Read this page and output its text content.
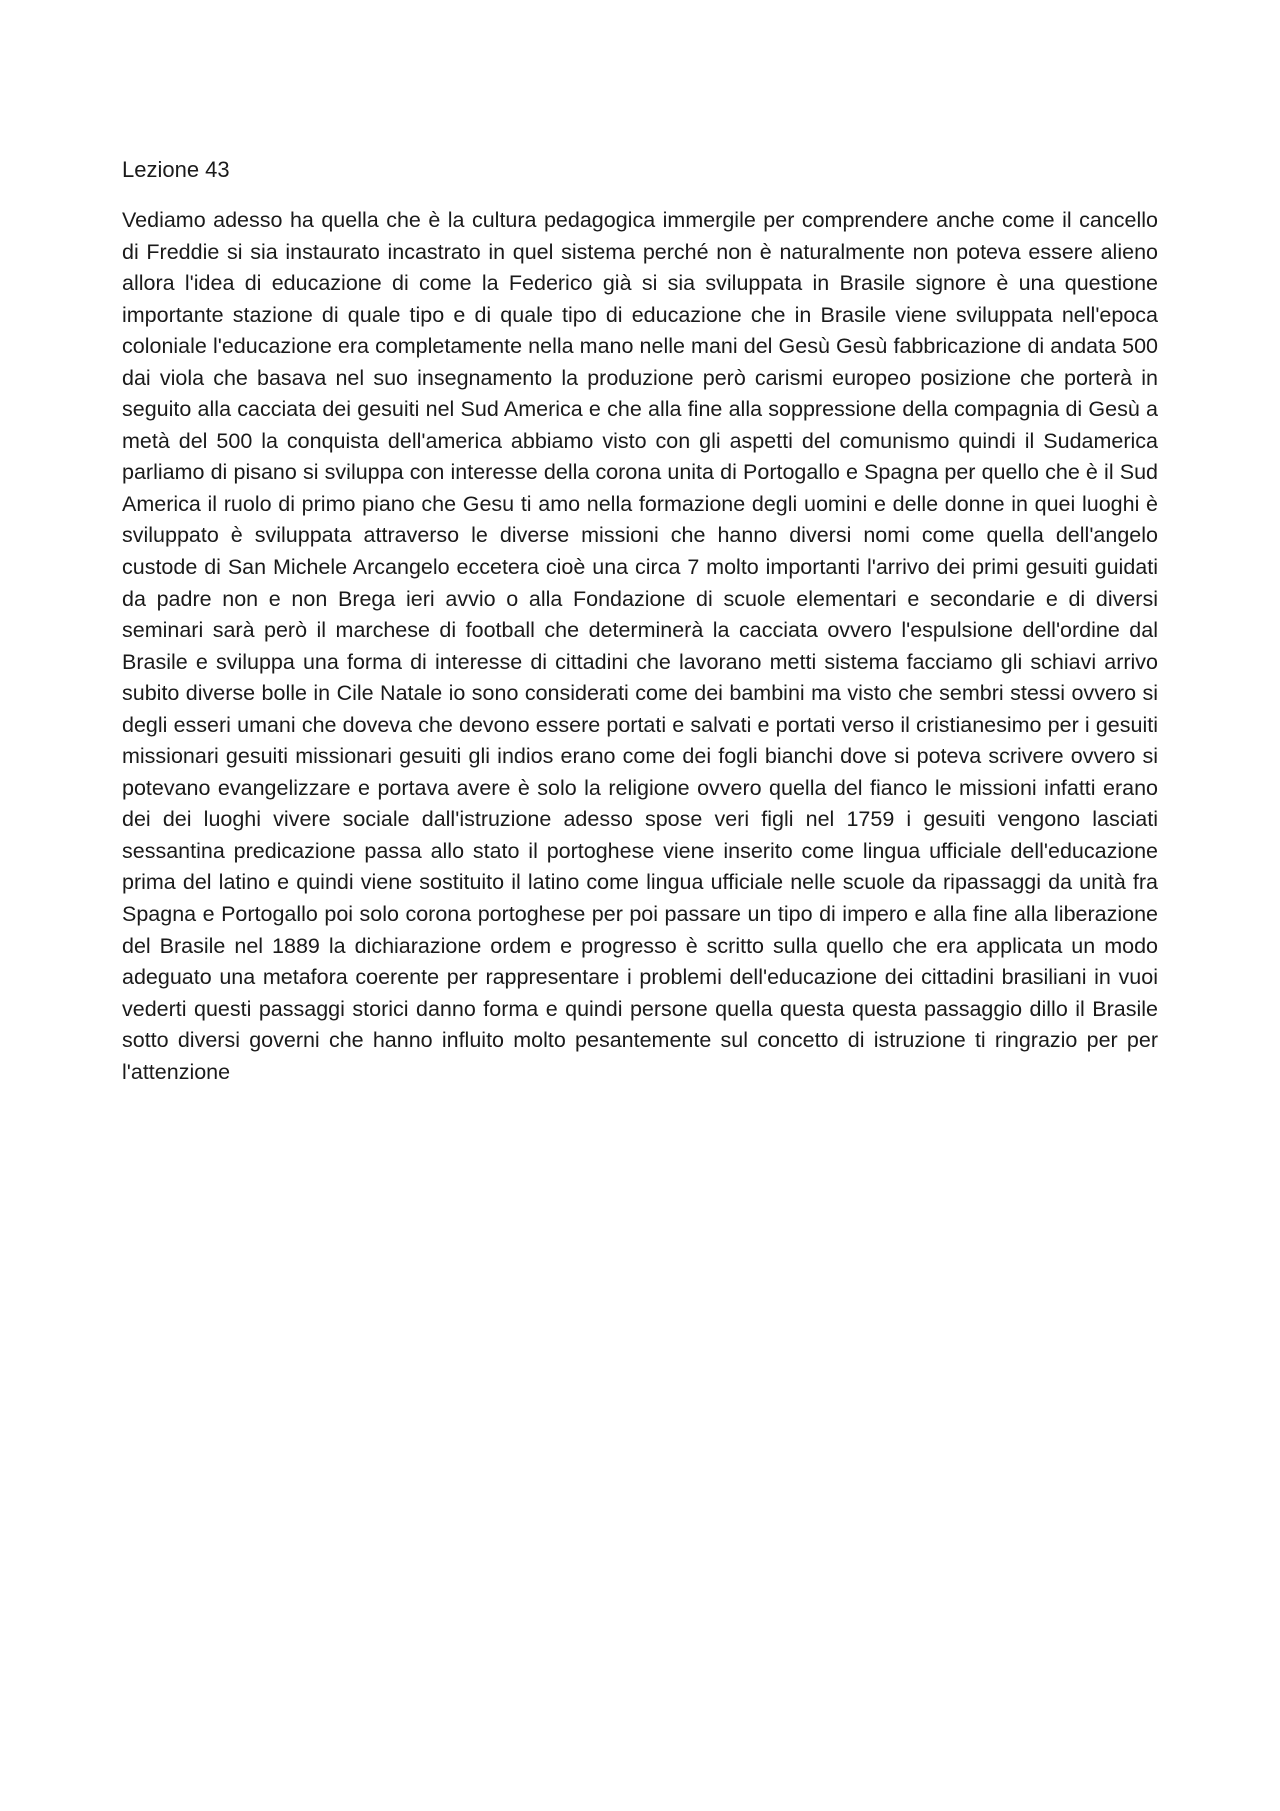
Lezione 43

Vediamo adesso ha quella che è la cultura pedagogica immergile per comprendere anche come il cancello di Freddie si sia instaurato incastrato in quel sistema perché non è naturalmente non poteva essere alieno allora l'idea di educazione di come la Federico già si sia sviluppata in Brasile signore è una questione importante stazione di quale tipo e di quale tipo di educazione che in Brasile viene sviluppata nell'epoca coloniale l'educazione era completamente nella mano nelle mani del Gesù Gesù fabbricazione di andata 500 dai viola che basava nel suo insegnamento la produzione però carismi europeo posizione che porterà in seguito alla cacciata dei gesuiti nel Sud America e che alla fine alla soppressione della compagnia di Gesù a metà del 500 la conquista dell'america abbiamo visto con gli aspetti del comunismo quindi il Sudamerica parliamo di pisano si sviluppa con interesse della corona unita di Portogallo e Spagna per quello che è il Sud America il ruolo di primo piano che Gesu ti amo nella formazione degli uomini e delle donne in quei luoghi è sviluppato è sviluppata attraverso le diverse missioni che hanno diversi nomi come quella dell'angelo custode di San Michele Arcangelo eccetera cioè una circa 7 molto importanti l'arrivo dei primi gesuiti guidati da padre non e non Brega ieri avvio o alla Fondazione di scuole elementari e secondarie e di diversi seminari sarà però il marchese di football che determinerà la cacciata ovvero l'espulsione dell'ordine dal Brasile e sviluppa una forma di interesse di cittadini che lavorano metti sistema facciamo gli schiavi arrivo subito diverse bolle in Cile Natale io sono considerati come dei bambini ma visto che sembri stessi ovvero si degli esseri umani che doveva che devono essere portati e salvati e portati verso il cristianesimo per i gesuiti missionari gesuiti missionari gesuiti gli indios erano come dei fogli bianchi dove si poteva scrivere ovvero si potevano evangelizzare e portava avere è solo la religione ovvero quella del fianco le missioni infatti erano dei dei luoghi vivere sociale dall'istruzione adesso spose veri figli nel 1759 i gesuiti vengono lasciati sessantina predicazione passa allo stato il portoghese viene inserito come lingua ufficiale dell'educazione prima del latino e quindi viene sostituito il latino come lingua ufficiale nelle scuole da ripassaggi da unità fra Spagna e Portogallo poi solo corona portoghese per poi passare un tipo di impero e alla fine alla liberazione del Brasile nel 1889 la dichiarazione ordem e progresso è scritto sulla quello che era applicata un modo adeguato una metafora coerente per rappresentare i problemi dell'educazione dei cittadini brasiliani in vuoi vederti questi passaggi storici danno forma e quindi persone quella questa questa passaggio dillo il Brasile sotto diversi governi che hanno influito molto pesantemente sul concetto di istruzione ti ringrazio per per l'attenzione
